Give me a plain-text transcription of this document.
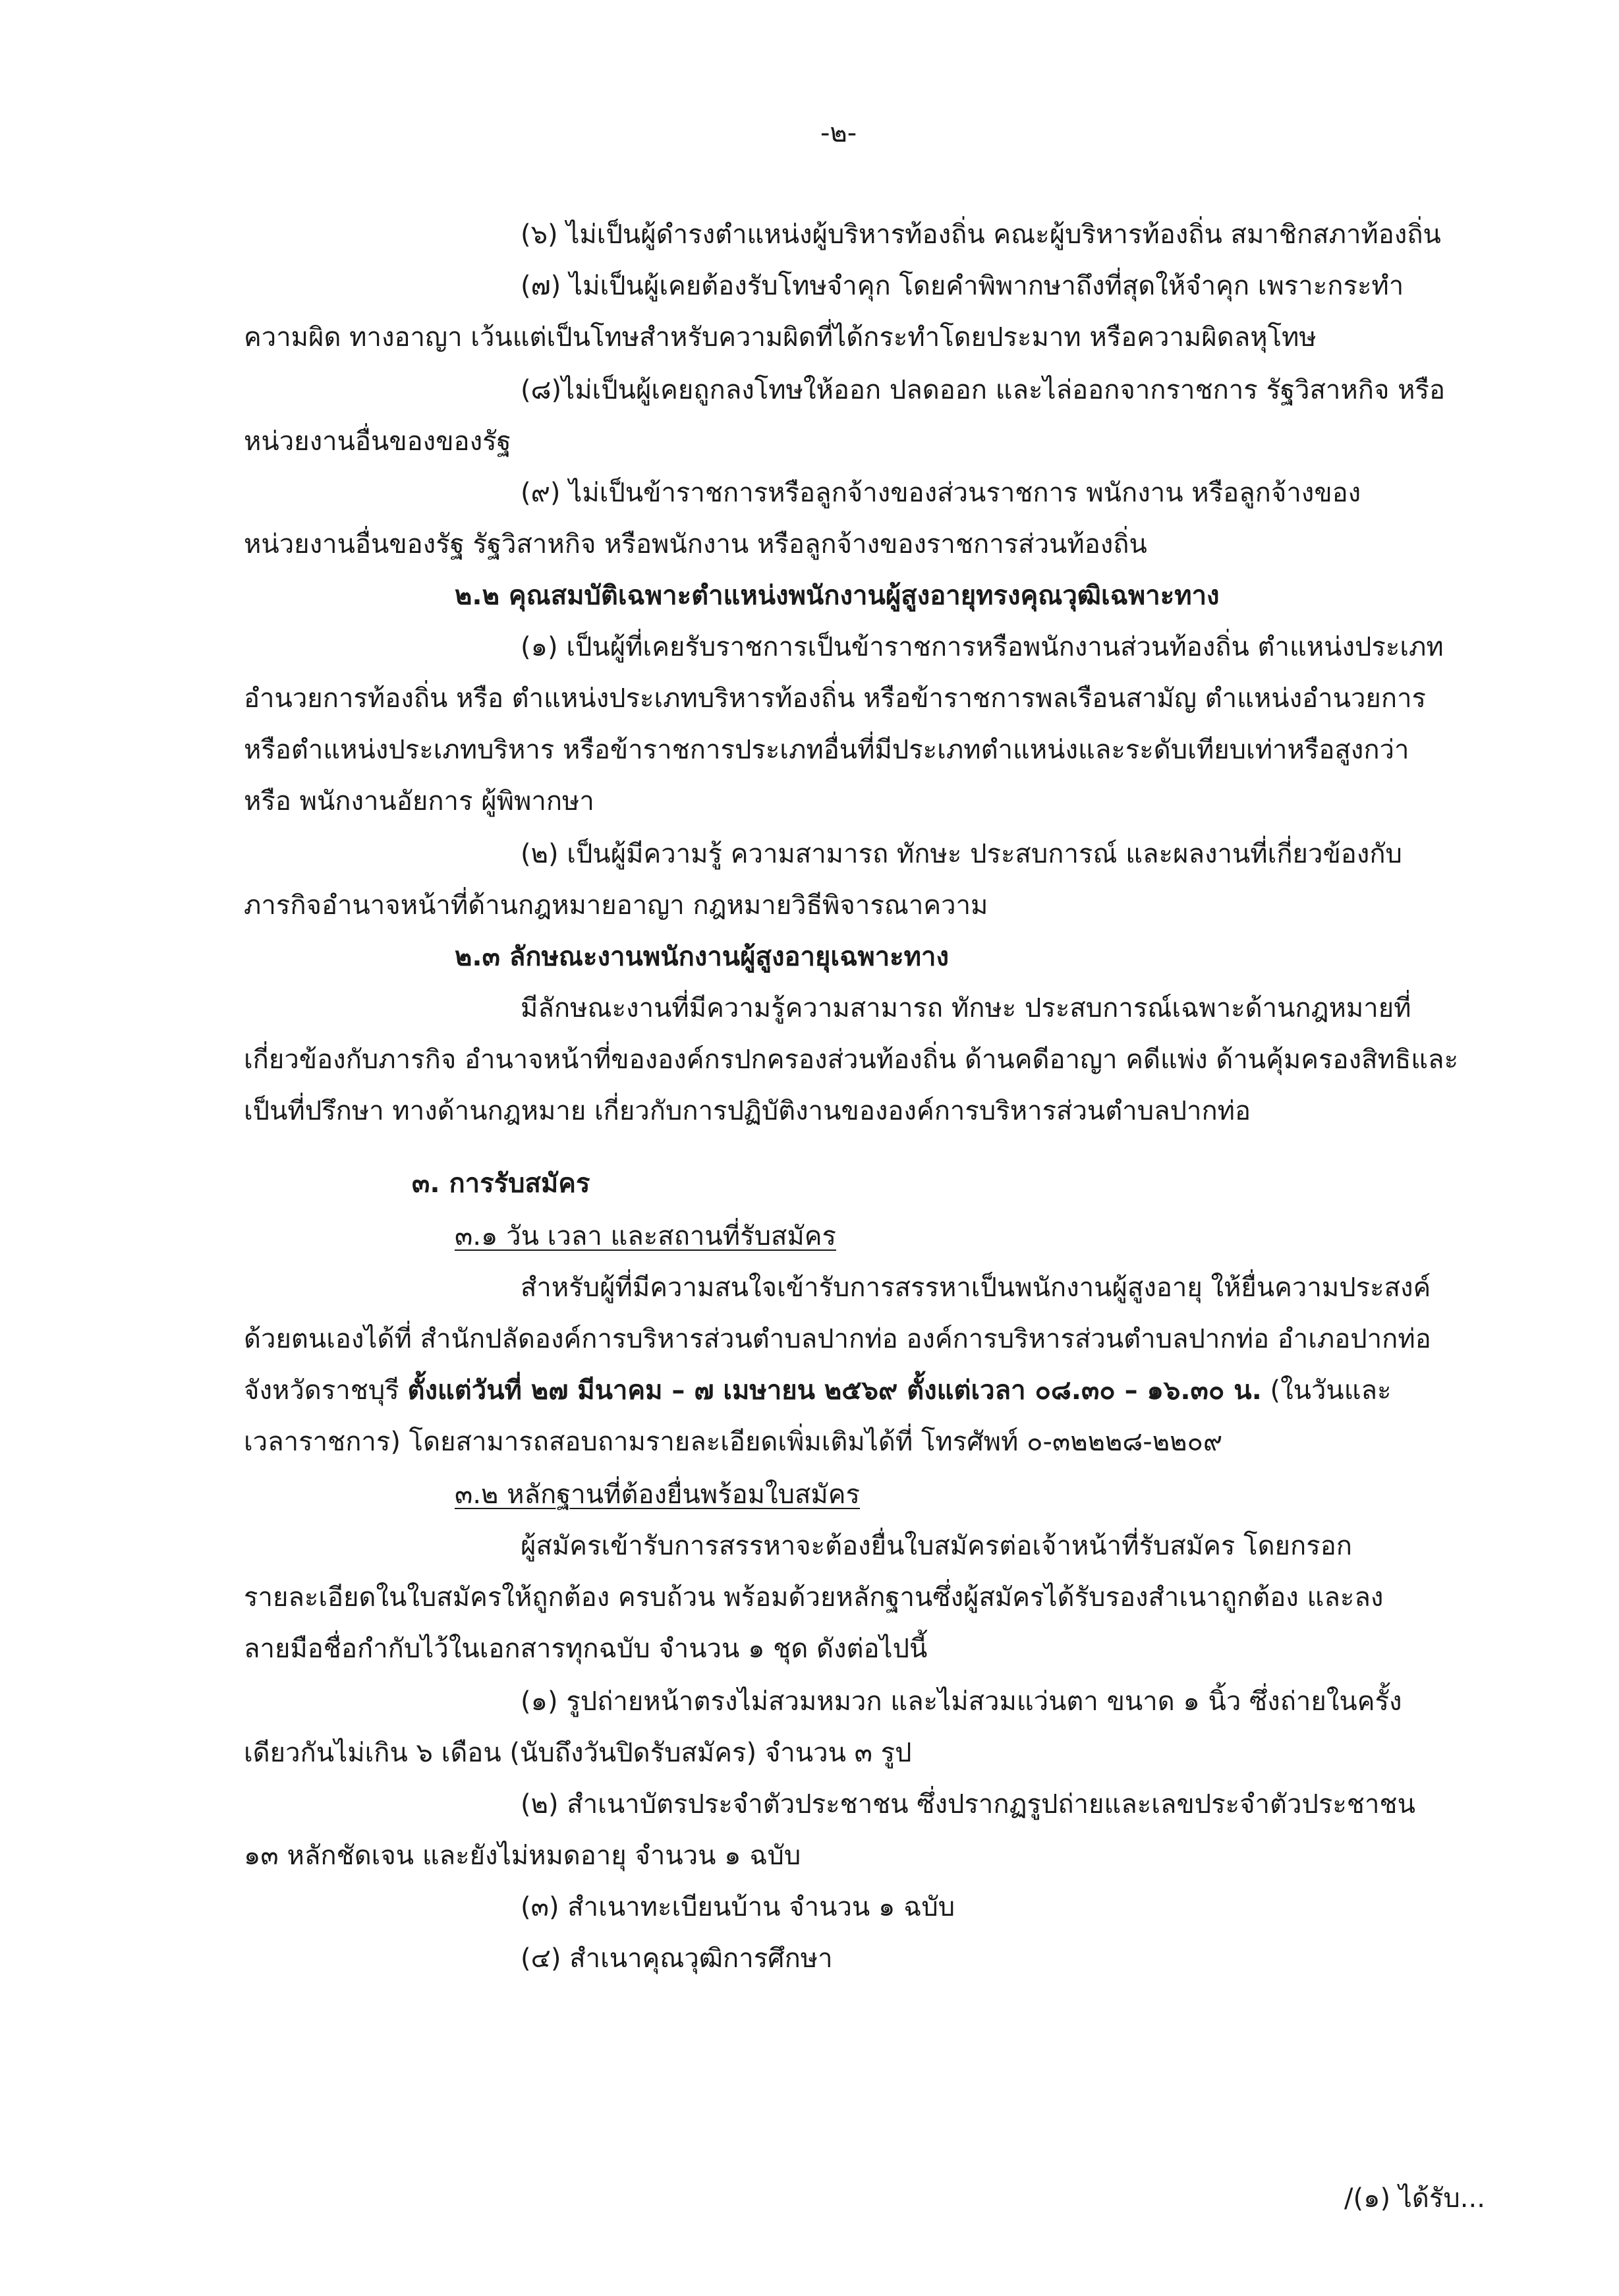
-๒-
(๖) ไม่เป็นผู้ดำรงตำแหน่งผู้บริหารท้องถิ่น คณะผู้บริหารท้องถิ่น สมาชิกสภาท้องถิ่น
(๗) ไม่เป็นผู้เคยต้องรับโทษจำคุก โดยคำพิพากษาถึงที่สุดให้จำคุก เพราะกระทำ
ความผิด ทางอาญา เว้นแต่เป็นโทษสำหรับความผิดที่ได้กระทำโดยประมาท หรือความผิดลหุโทษ
(๘)ไม่เป็นผู้เคยถูกลงโทษให้ออก ปลดออก และไล่ออกจากราชการ รัฐวิสาหกิจ หรือ
หน่วยงานอื่นของของรัฐ
(๙) ไม่เป็นข้าราชการหรือลูกจ้างของส่วนราชการ พนักงาน หรือลูกจ้างของ
หน่วยงานอื่นของรัฐ รัฐวิสาหกิจ หรือพนักงาน หรือลูกจ้างของราชการส่วนท้องถิ่น
๒.๒ คุณสมบัติเฉพาะตำแหน่งพนักงานผู้สูงอายุทรงคุณวุฒิเฉพาะทาง
(๑) เป็นผู้ที่เคยรับราชการเป็นข้าราชการหรือพนักงานส่วนท้องถิ่น ตำแหน่งประเภท
อำนวยการท้องถิ่น หรือ ตำแหน่งประเภทบริหารท้องถิ่น หรือข้าราชการพลเรือนสามัญ ตำแหน่งอำนวยการ
หรือตำแหน่งประเภทบริหาร หรือข้าราชการประเภทอื่นที่มีประเภทตำแหน่งและระดับเทียบเท่าหรือสูงกว่า
หรือ พนักงานอัยการ ผู้พิพากษา
(๒) เป็นผู้มีความรู้ ความสามารถ ทักษะ ประสบการณ์ และผลงานที่เกี่ยวข้องกับ
ภารกิจอำนาจหน้าที่ด้านกฎหมายอาญา กฎหมายวิธีพิจารณาความ
๒.๓ ลักษณะงานพนักงานผู้สูงอายุเฉพาะทาง
มีลักษณะงานที่มีความรู้ความสามารถ ทักษะ ประสบการณ์เฉพาะด้านกฎหมายที่
เกี่ยวข้องกับภารกิจ อำนาจหน้าที่ขององค์กรปกครองส่วนท้องถิ่น ด้านคดีอาญา คดีแพ่ง ด้านคุ้มครองสิทธิและ
เป็นที่ปรึกษา ทางด้านกฎหมาย เกี่ยวกับการปฏิบัติงานขององค์การบริหารส่วนตำบลปากท่อ
๓. การรับสมัคร
๓.๑ วัน เวลา และสถานที่รับสมัคร
สำหรับผู้ที่มีความสนใจเข้ารับการสรรหาเป็นพนักงานผู้สูงอายุ ให้ยื่นความประสงค์
ด้วยตนเองได้ที่ สำนักปลัดองค์การบริหารส่วนตำบลปากท่อ องค์การบริหารส่วนตำบลปากท่อ อำเภอปากท่อ
จังหวัดราชบุรี ตั้งแต่วันที่ ๒๗ มีนาคม – ๗ เมษายน ๒๕๖๙ ตั้งแต่เวลา ๐๘.๓๐ – ๑๖.๓๐ น. (ในวันและ
เวลาราชการ) โดยสามารถสอบถามรายละเอียดเพิ่มเติมได้ที่ โทรศัพท์ ๐-๓๒๒๒๘-๒๒๐๙
๓.๒ หลักฐานที่ต้องยื่นพร้อมใบสมัคร
ผู้สมัครเข้ารับการสรรหาจะต้องยื่นใบสมัครต่อเจ้าหน้าที่รับสมัคร โดยกรอก
รายละเอียดในใบสมัครให้ถูกต้อง ครบถ้วน พร้อมด้วยหลักฐานซึ่งผู้สมัครได้รับรองสำเนาถูกต้อง และลง
ลายมือชื่อกำกับไว้ในเอกสารทุกฉบับ จำนวน ๑ ชุด ดังต่อไปนี้
(๑) รูปถ่ายหน้าตรงไม่สวมหมวก และไม่สวมแว่นตา ขนาด ๑ นิ้ว ซึ่งถ่ายในครั้ง
เดียวกันไม่เกิน ๖ เดือน (นับถึงวันปิดรับสมัคร) จำนวน ๓ รูป
(๒) สำเนาบัตรประจำตัวประชาชน ซึ่งปรากฏรูปถ่ายและเลขประจำตัวประชาชน
๑๓ หลักชัดเจน และยังไม่หมดอายุ จำนวน ๑ ฉบับ
(๓) สำเนาทะเบียนบ้าน จำนวน ๑ ฉบับ
(๔) สำเนาคุณวุฒิการศึกษา
/(๑) ได้รับ...
